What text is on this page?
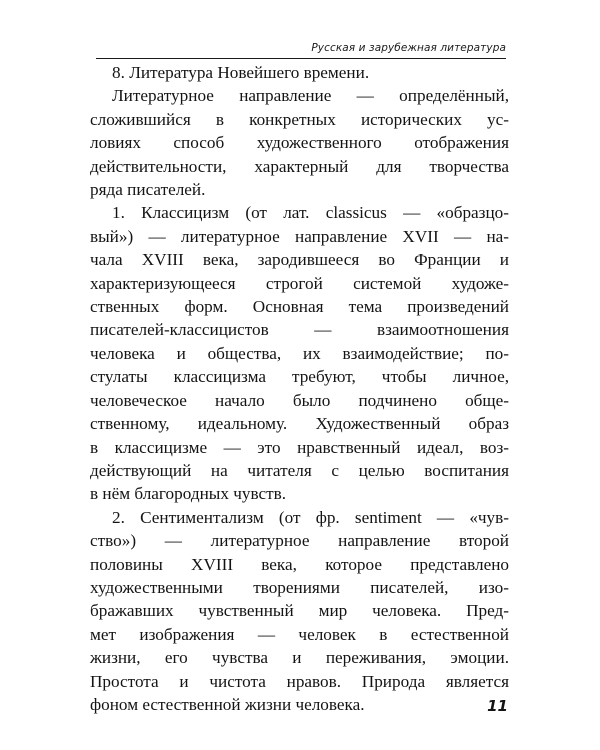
Русская и зарубежная литература
8. Литература Новейшего времени.
Литературное направление — определённый,
сложившийся в конкретных исторических ус-
ловиях способ художественного отображения
действительности, характерный для творчества
ряда писателей.
1. Классицизм (от лат. classicus — «образцо-
вый») — литературное направление XVII — на-
чала XVIII века, зародившееся во Франции и
характеризующееся строгой системой художе-
ственных форм. Основная тема произведений
писателей-классицистов — взаимоотношения
человека и общества, их взаимодействие; по-
стулаты классицизма требуют, чтобы личное,
человеческое начало было подчинено обще-
ственному, идеальному. Художественный образ
в классицизме — это нравственный идеал, воз-
действующий на читателя с целью воспитания
в нём благородных чувств.
2. Сентиментализм (от фр. sentiment — «чув-
ство») — литературное направление второй
половины XVIII века, которое представлено
художественными творениями писателей, изо-
бражавших чувственный мир человека. Пред-
мет изображения — человек в естественной
жизни, его чувства и переживания, эмоции.
Простота и чистота нравов. Природа является
фоном естественной жизни человека.	11
